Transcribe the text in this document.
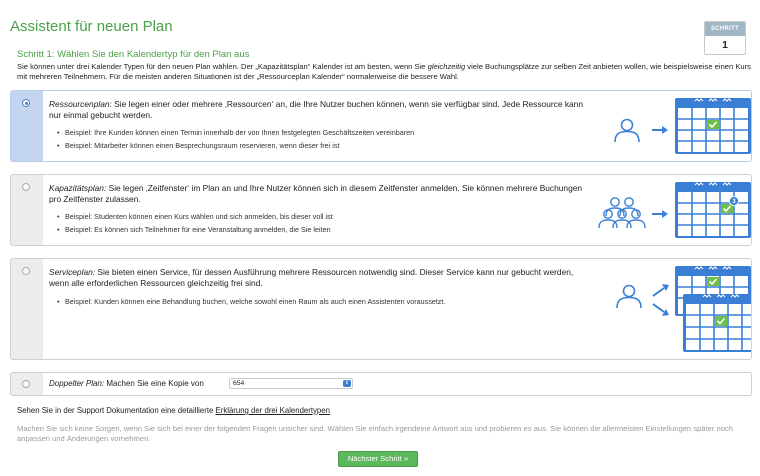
Assistent für neuen Plan	SCHRITT
1
Schritt 1: Wählen Sie den Kalendertyp für den Plan aus
Sie können unter drei Kalender Typen für den neuen Plan wählen. Der „Kapazitätsplan“ Kalender ist am besten, wenn Sie gleichzeitig viele Buchungsplätze zur selben Zeit anbieten wollen, wie beispielsweise einen Kurs mit mehreren Teilnehmern. Für die meisten anderen Situationen ist der „Ressourceplan Kalender“ normalerweise die bessere Wahl.
Ressourcenplan: Sie legen einer oder mehrere ‚Ressourcen‘ an, die Ihre Nutzer buchen können, wenn sie verfügbar sind. Jede Ressource kann nur einmal gebucht werden.
• Beispiel: Ihre Kunden können einen Termin innerhalb der von Ihnen festgelegten Geschäftszeiten vereinbaren
• Beispiel: Mitarbeiter können einen Besprechungsraum reservieren, wenn dieser frei ist
Kapazitätsplan: Sie legen ‚Zeitfenster‘ im Plan an und Ihre Nutzer können sich in diesem Zeitfenster anmelden. Sie können mehrere Buchungen pro Zeitfenster zulassen.
• Beispiel: Studenten können einen Kurs wählen und sich anmelden, bis dieser voll ist
• Beispiel: Es können sich Teilnehmer für eine Veranstaltung anmelden, die Sie leiten
3
Serviceplan: Sie bieten einen Service, für dessen Ausführung mehrere Ressourcen notwendig sind. Dieser Service kann nur gebucht werden, wenn alle erforderlichen Ressourcen gleichzeitig frei sind.
• Beispiel: Kunden können eine Behandlung buchen, welche sowohl einen Raum als auch einen Assistenten voraussetzt.
Doppelter Plan: Machen Sie eine Kopie von	654	⇕
Sehen Sie in der Support Dokumentation eine detaillierte Erklärung der drei Kalendertypen
Machen Sie sich keine Sorgen, wenn Sie sich bei einer der folgenden Fragen unsicher sind. Wählen Sie einfach irgendeine Antwort aus und probieren es aus. Sie können die allermeisten Einstellungen später noch anpassen und Änderungen vornehmen.
Nächster Schritt »
